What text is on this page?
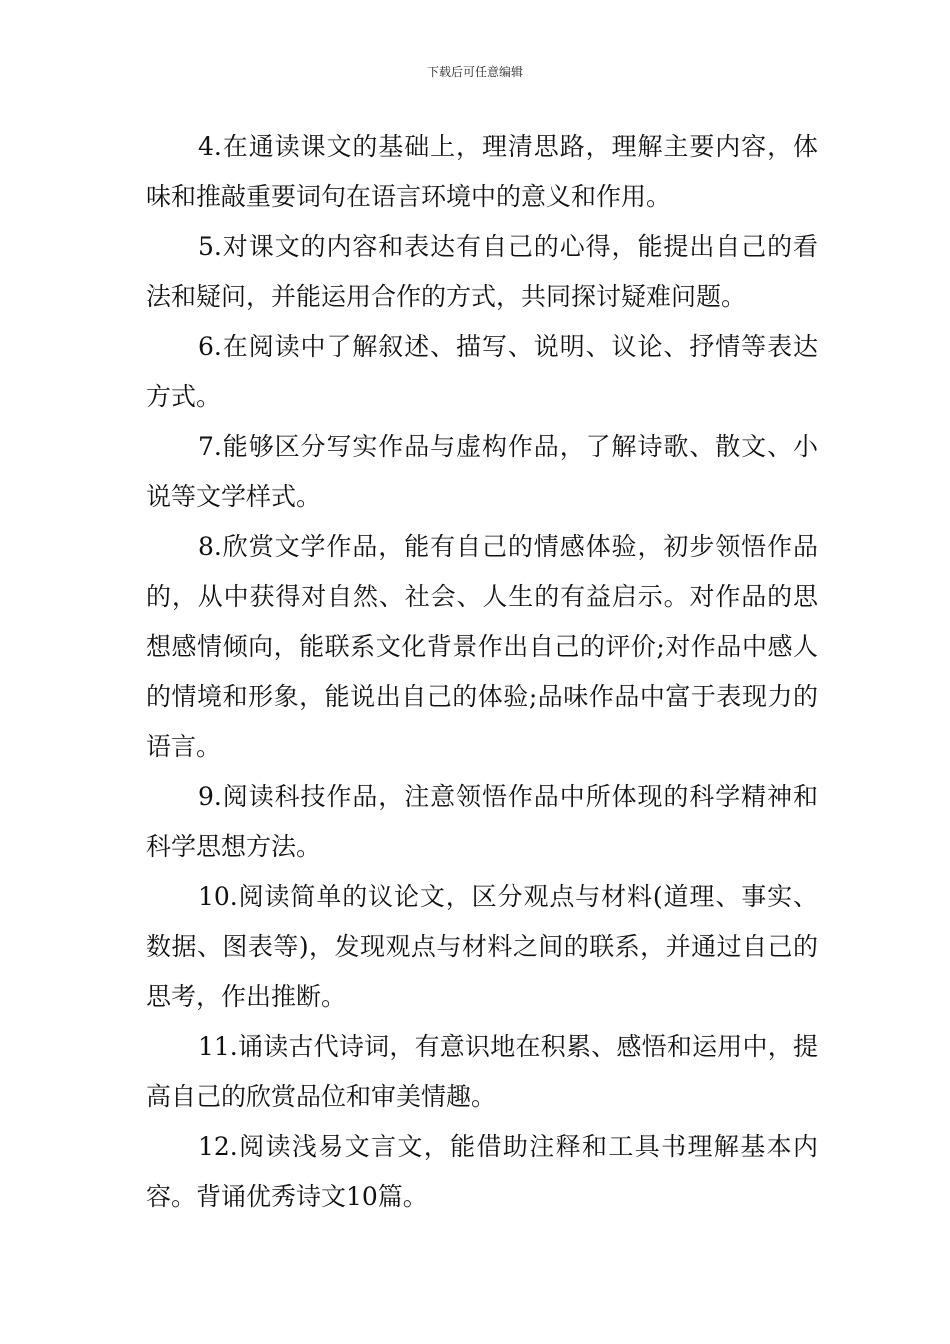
下载后可任意编辑

4.在通读课文的基础上，理清思路，理解主要内容，体味和推敲重要词句在语言环境中的意义和作用。

5.对课文的内容和表达有自己的心得，能提出自己的看法和疑问，并能运用合作的方式，共同探讨疑难问题。

6.在阅读中了解叙述、描写、说明、议论、抒情等表达方式。

7.能够区分写实作品与虚构作品，了解诗歌、散文、小说等文学样式。

8.欣赏文学作品，能有自己的情感体验，初步领悟作品的，从中获得对自然、社会、人生的有益启示。对作品的思想感情倾向，能联系文化背景作出自己的评价;对作品中感人的情境和形象，能说出自己的体验;品味作品中富于表现力的语言。

9.阅读科技作品，注意领悟作品中所体现的科学精神和科学思想方法。

10.阅读简单的议论文，区分观点与材料(道理、事实、数据、图表等)，发现观点与材料之间的联系，并通过自己的思考，作出推断。

11.诵读古代诗词，有意识地在积累、感悟和运用中，提高自己的欣赏品位和审美情趣。

12.阅读浅易文言文，能借助注释和工具书理解基本内容。背诵优秀诗文10篇。
